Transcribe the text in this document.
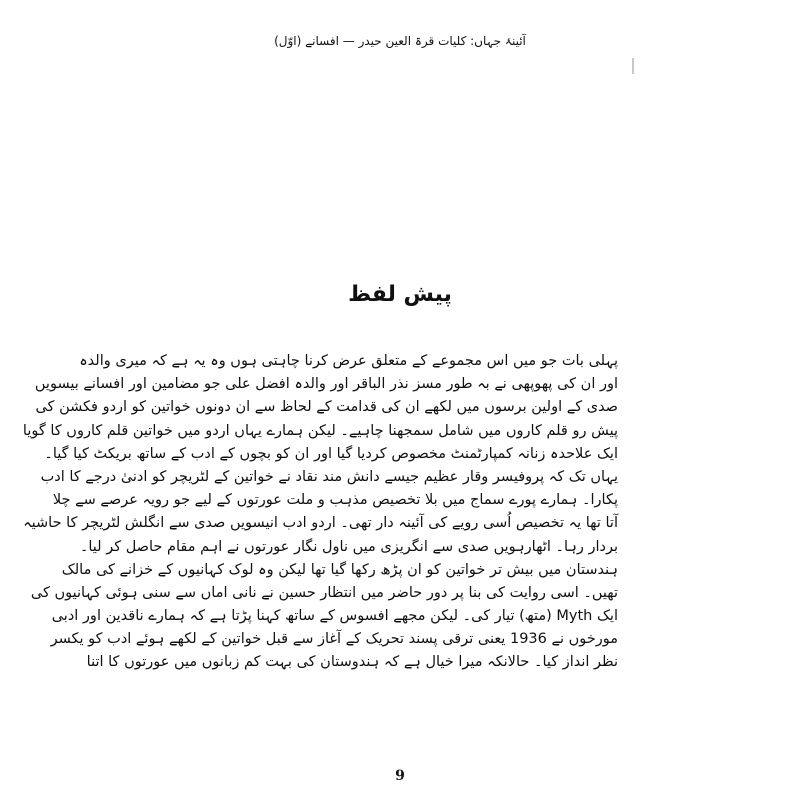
آئینۂ جہاں: کلیات قرۃ العین حیدر — افسانے (اوّل)
پیش لفظ
پہلی بات جو میں اس مجموعے کے متعلق عرض کرنا چاہتی ہوں وہ یہ ہے کہ میری والدہ
اور ان کی پھوپھی نے بہ طور مسز نذر الباقر اور والدہ افضل علی جو مضامین اور افسانے بیسویں
صدی کے اولین برسوں میں لکھے ان کی قدامت کے لحاظ سے ان دونوں خواتین کو اردو فکشن کی
پیش رو قلم کاروں میں شامل سمجھنا چاہیے۔ لیکن ہمارے یہاں اردو میں خواتین قلم کاروں کا گویا
ایک علاحدہ زنانہ کمپارٹمنٹ مخصوص کردیا گیا اور ان کو بچوں کے ادب کے ساتھ بریکٹ کیا گیا۔
یہاں تک کہ پروفیسر وقار عظیم جیسے دانش مند نقاد نے خواتین کے لٹریچر کو ادنیٰ درجے کا ادب
پکارا۔ ہمارے پورے سماج میں بلا تخصیص مذہب و ملت عورتوں کے لیے جو رویہ عرصے سے چلا
آتا تھا یہ تخصیص اُسی رویے کی آئینہ دار تھی۔ اردو ادب انیسویں صدی سے انگلش لٹریچر کا حاشیہ
بردار رہا۔ اٹھارہویں صدی سے انگریزی میں ناول نگار عورتوں نے اہم مقام حاصل کر لیا۔
ہندستان میں بیش تر خواتین کو ان پڑھ رکھا گیا تھا لیکن وہ لوک کہانیوں کے خزانے کی مالک
تھیں۔ اسی روایت کی بنا پر دور حاضر میں انتظار حسین نے نانی اماں سے سنی ہوئی کہانیوں کی
ایک Myth (متھ) تیار کی۔ لیکن مجھے افسوس کے ساتھ کہنا پڑتا ہے کہ ہمارے ناقدین اور ادبی
مورخوں نے 1936 یعنی ترقی پسند تحریک کے آغاز سے قبل خواتین کے لکھے ہوئے ادب کو یکسر
نظر انداز کیا۔ حالانکہ میرا خیال ہے کہ ہندوستان کی بہت کم زبانوں میں عورتوں کا اتنا
9
